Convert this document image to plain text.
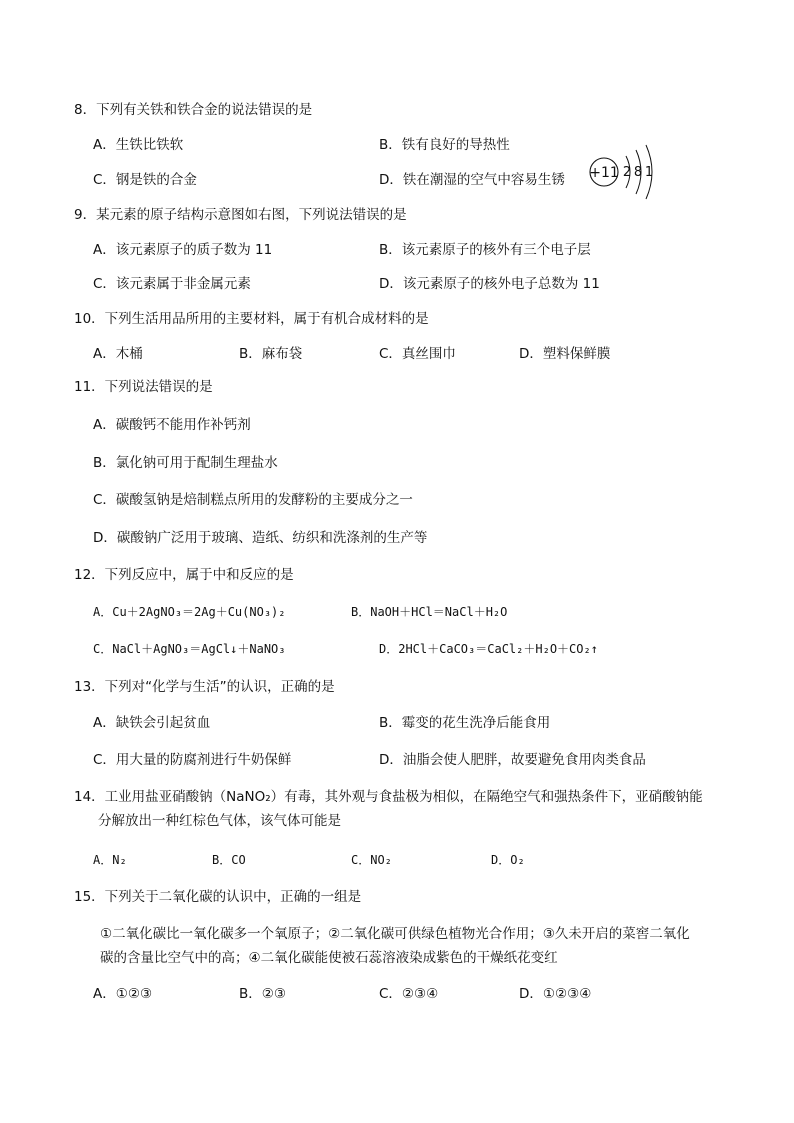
8．下列有关铁和铁合金的说法错误的是
A．生铁比铁软	B．铁有良好的导热性
C．钢是铁的合金	D．铁在潮湿的空气中容易生锈 +11 2 8 1
9．某元素的原子结构示意图如右图，下列说法错误的是
A．该元素原子的质子数为 11	B．该元素原子的核外有三个电子层
C．该元素属于非金属元素	D．该元素原子的核外电子总数为 11
10．下列生活用品所用的主要材料，属于有机合成材料的是
A．木桶	B．麻布袋	C．真丝围巾	D．塑料保鲜膜
11．下列说法错误的是
A．碳酸钙不能用作补钙剂
B．氯化钠可用于配制生理盐水
C．碳酸氢钠是焙制糕点所用的发酵粉的主要成分之一
D．碳酸钠广泛用于玻璃、造纸、纺织和洗涤剂的生产等
12．下列反应中，属于中和反应的是
A．Cu＋2AgNO₃＝2Ag＋Cu(NO₃)₂	B．NaOH＋HCl＝NaCl＋H₂O
C．NaCl＋AgNO₃＝AgCl↓＋NaNO₃	D．2HCl＋CaCO₃＝CaCl₂＋H₂O＋CO₂↑
13．下列对“化学与生活”的认识，正确的是
A．缺铁会引起贫血	B．霉变的花生洗净后能食用
C．用大量的防腐剂进行牛奶保鲜	D．油脂会使人肥胖，故要避免食用肉类食品
14．工业用盐亚硝酸钠（NaNO₂）有毒，其外观与食盐极为相似，在隔绝空气和强热条件下，亚硝酸钠能
分解放出一种红棕色气体，该气体可能是
A．N₂	B．CO	C．NO₂	D．O₂
15．下列关于二氧化碳的认识中，正确的一组是
①二氧化碳比一氧化碳多一个氧原子；②二氧化碳可供绿色植物光合作用；③久未开启的菜窖二氧化
碳的含量比空气中的高；④二氧化碳能使被石蕊溶液染成紫色的干燥纸花变红
A．①②③	B．②③	C．②③④	D．①②③④
